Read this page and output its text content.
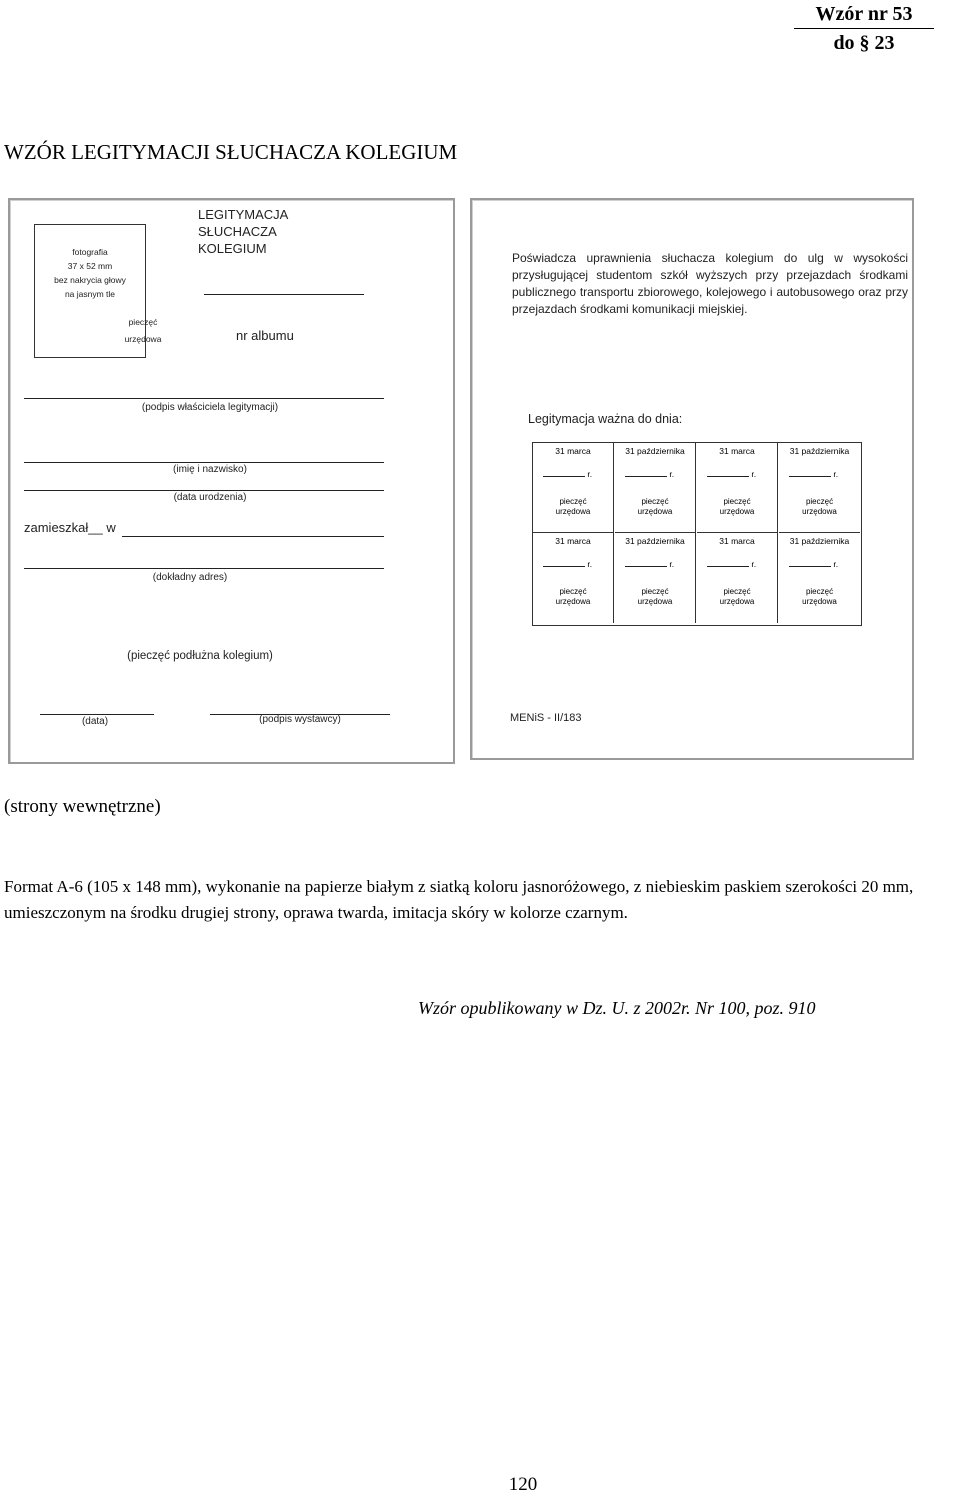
Wzór nr 53
do § 23
WZÓR LEGITYMACJI SŁUCHACZA KOLEGIUM
fotografia
37 x 52 mm
bez nakrycia głowy
na jasnym tle
pieczęć
urzędowa
LEGITYMACJA
SŁUCHACZA
KOLEGIUM
nr albumu
(podpis właściciela legitymacji)
(imię i nazwisko)
(data urodzenia)
zamieszkał__ w
(dokładny adres)
(pieczęć podłużna kolegium)
(data)	(podpis wystawcy)
Poświadcza uprawnienia słuchacza kolegium do ulg w wysokości przysługującej studentom szkół wyższych przy przejazdach środkami publicznego transportu zbiorowego, kolejowego i autobusowego oraz przy przejazdach środkami komunikacji miejskiej.
Legitymacja ważna do dnia:
31 marca
r.
pieczęć
urzędowa
31 października
r.
pieczęć
urzędowa
31 marca
r.
pieczęć
urzędowa
31 października
r.
pieczęć
urzędowa
31 marca
r.
pieczęć
urzędowa
31 października
r.
pieczęć
urzędowa
31 marca
r.
pieczęć
urzędowa
31 października
r.
pieczęć
urzędowa
MENiS - II/183
(strony wewnętrzne)
Format A-6 (105 x 148 mm), wykonanie na papierze białym z siatką koloru jasnoróżowego, z niebieskim paskiem szerokości 20 mm, umieszczonym na środku drugiej strony, oprawa twarda, imitacja skóry w kolorze czarnym.
Wzór opublikowany w Dz. U. z 2002r. Nr 100, poz. 910
120
